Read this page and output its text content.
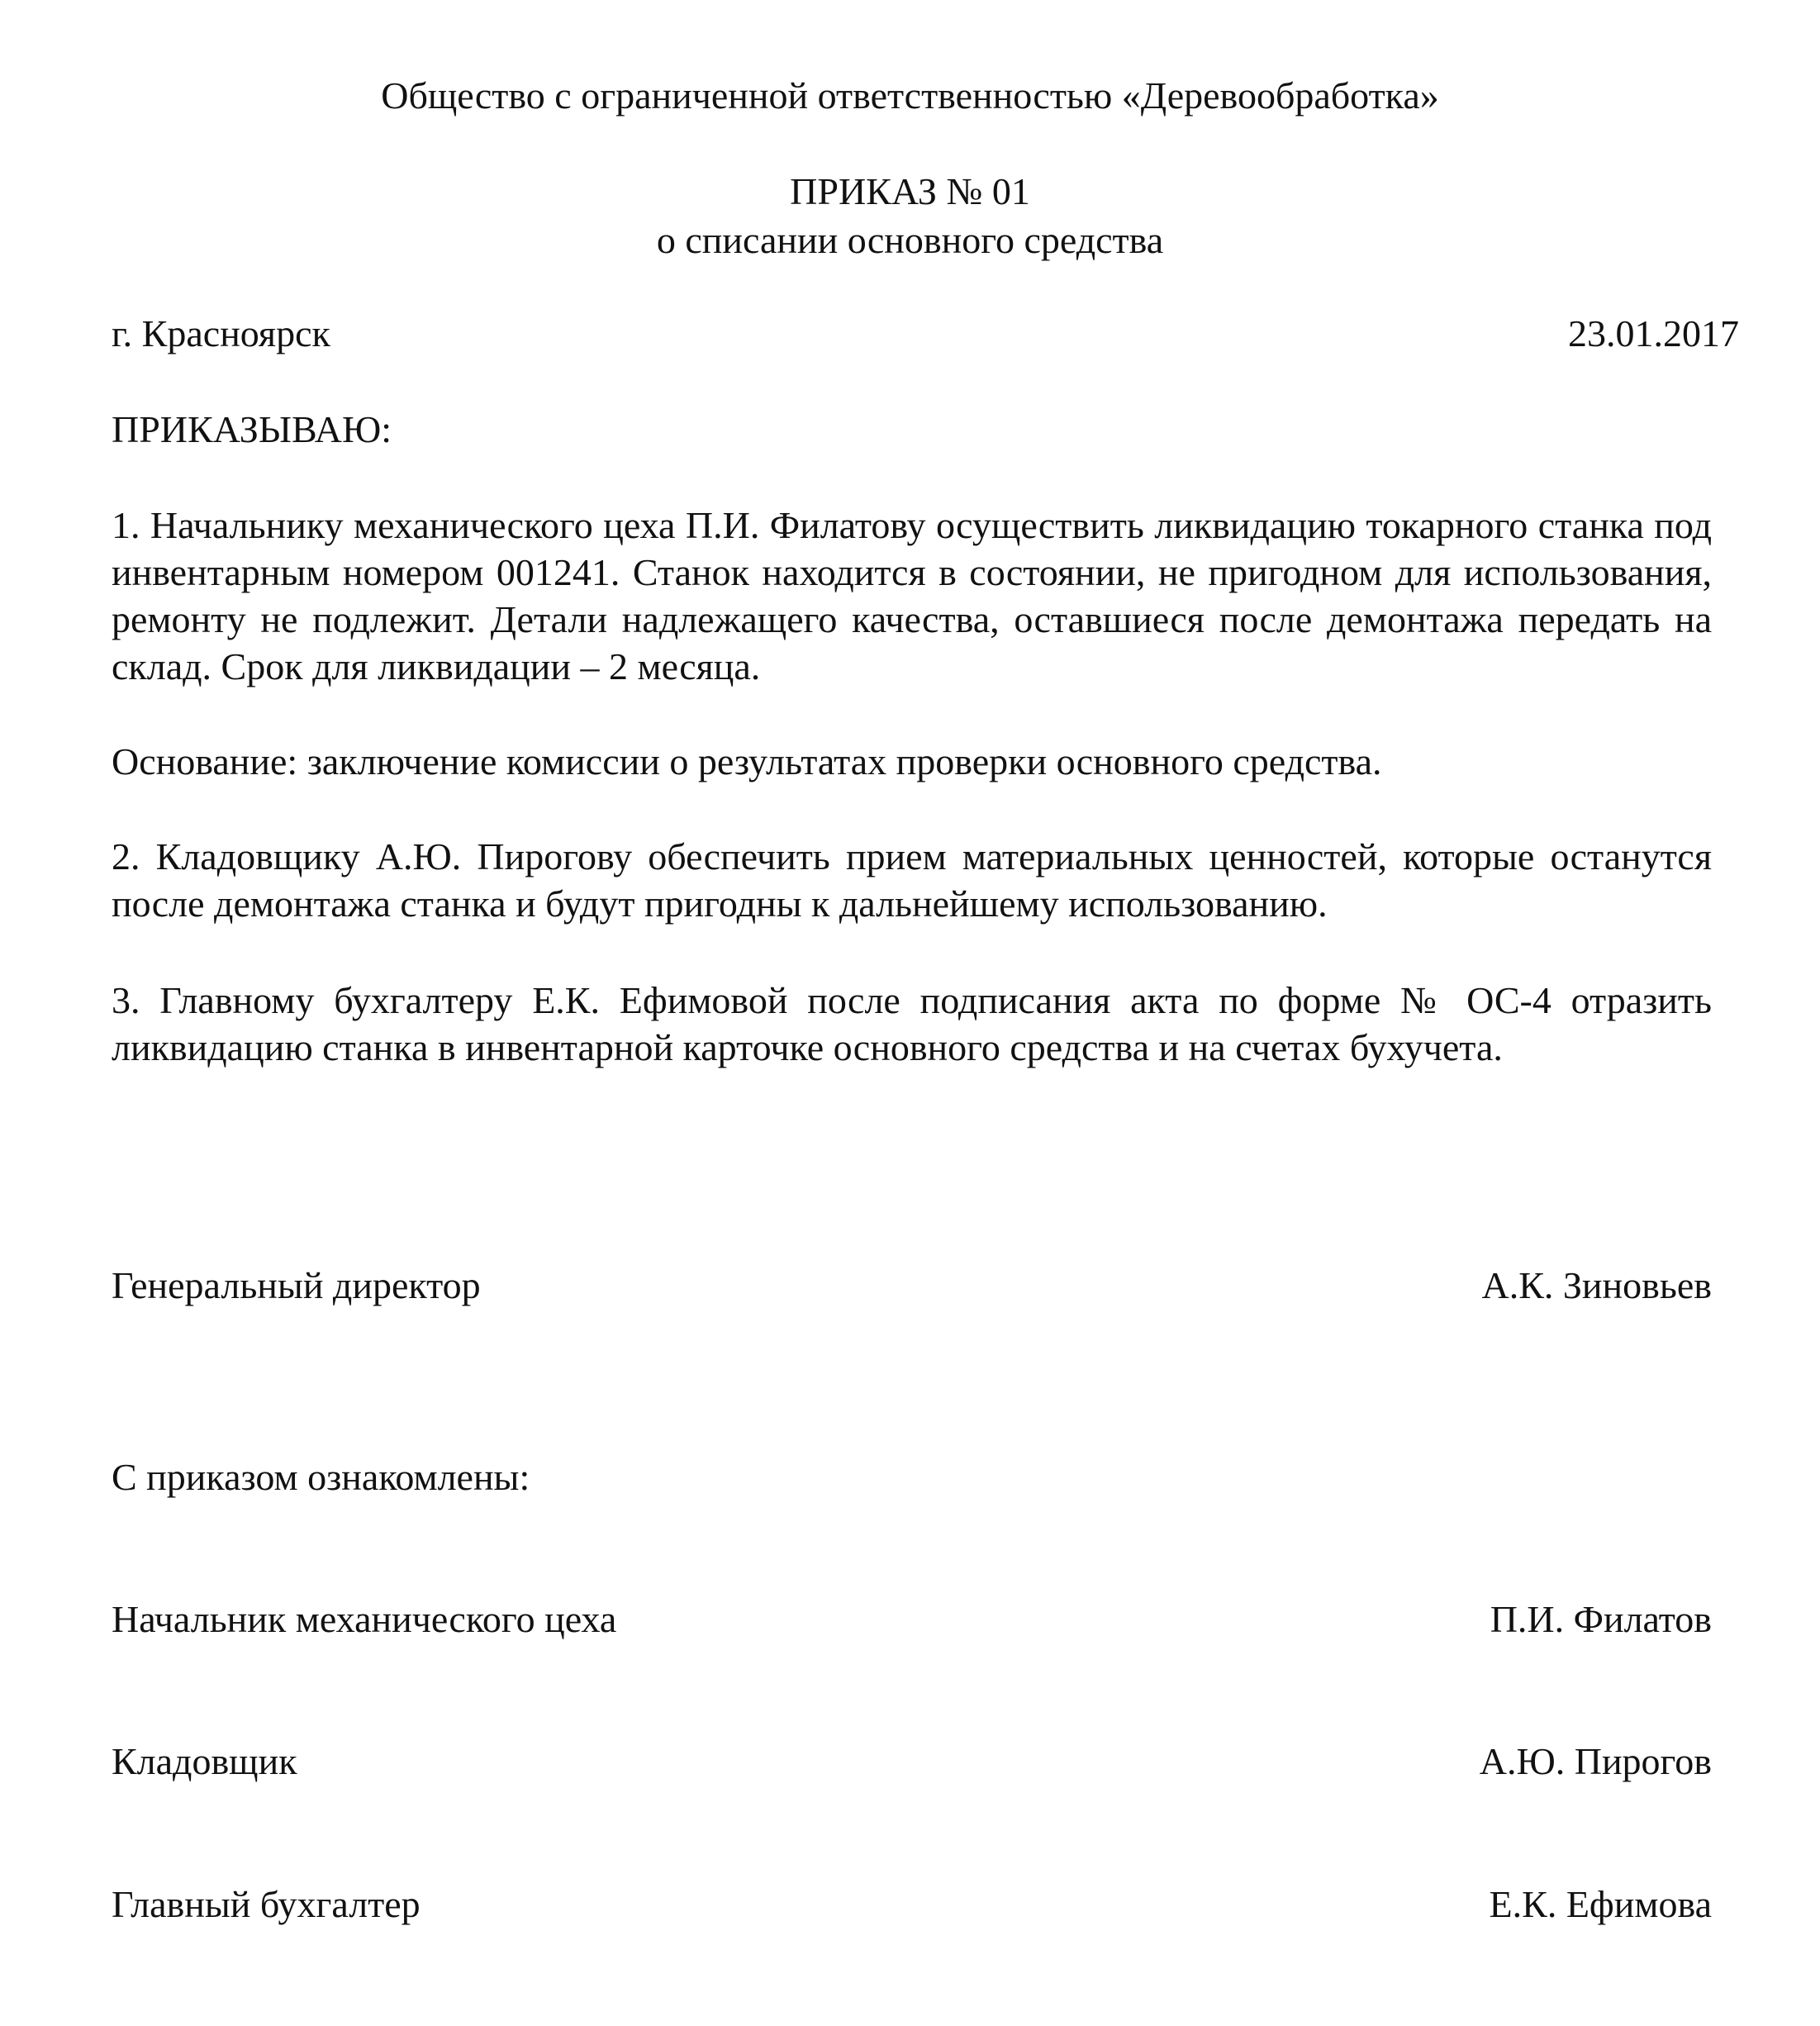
Общество с ограниченной ответственностью «Деревообработка»
ПРИКАЗ № 01
о списании основного средства
г. Красноярск	23.01.2017
ПРИКАЗЫВАЮ:
1. Начальнику механического цеха П.И. Филатову осуществить ликвидацию токарного станка под инвентарным номером 001241. Станок находится в состоянии, не пригодном для использования, ремонту не подлежит. Детали надлежащего качества, оставшиеся после демонтажа передать на склад. Срок для ликвидации – 2 месяца.
Основание: заключение комиссии о результатах проверки основного средства.
2. Кладовщику А.Ю. Пирогову обеспечить прием материальных ценностей, которые останутся после демонтажа станка и будут пригодны к дальнейшему использованию.
3. Главному бухгалтеру Е.К. Ефимовой после подписания акта по форме № ОС-4 отразить ликвидацию станка в инвентарной карточке основного средства и на счетах бухучета.
Генеральный директор	А.К. Зиновьев
С приказом ознакомлены:
Начальник механического цеха	П.И. Филатов
Кладовщик	А.Ю. Пирогов
Главный бухгалтер	Е.К. Ефимова
